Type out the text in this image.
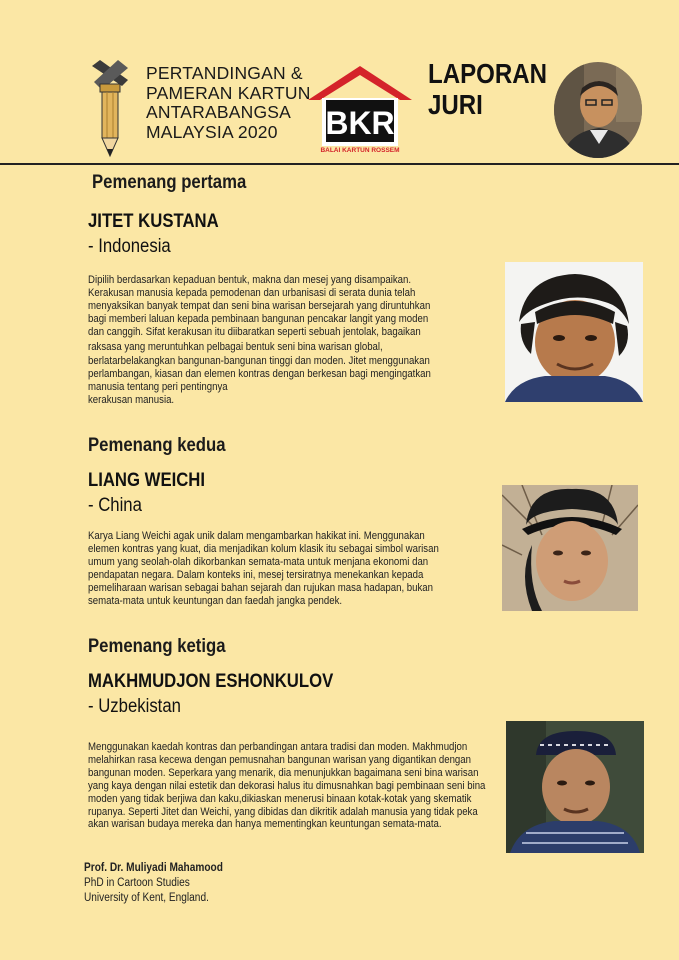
PERTANDINGAN &
PAMERAN KARTUN
ANTARABANGSA
MALAYSIA 2020	BKR
BALAI KARTUN ROSSEM
LAPORAN
JURI
Pemenang pertama
JITET KUSTANA
- Indonesia
Dipilih berdasarkan kepaduan bentuk, makna dan mesej yang disampaikan.
Kerakusan manusia kepada pemodenan dan urbanisasi di serata dunia telah
menyaksikan banyak tempat dan seni bina warisan bersejarah yang diruntuhkan
bagi memberi laluan kepada pembinaan bangunan pencakar langit yang moden
dan canggih. Sifat kerakusan itu diibaratkan seperti sebuah jentolak, bagaikan
raksasa yang meruntuhkan pelbagai bentuk seni bina warisan global,
berlatarbelakangkan bangunan-bangunan tinggi dan moden. Jitet menggunakan
perlambangan, kiasan dan elemen kontras dengan berkesan bagi mengingatkan
manusia tentang peri pentingnya
kerakusan manusia.
Pemenang kedua
LIANG WEICHI
- China
Karya Liang Weichi agak unik dalam mengambarkan hakikat ini. Menggunakan
elemen kontras yang kuat, dia menjadikan kolum klasik itu sebagai simbol warisan
umum yang seolah-olah dikorbankan semata-mata untuk menjana ekonomi dan
pendapatan negara. Dalam konteks ini, mesej tersiratnya menekankan kepada
pemeliharaan warisan sebagai bahan sejarah dan rujukan masa hadapan, bukan
semata-mata untuk keuntungan dan faedah jangka pendek.
Pemenang ketiga
MAKHMUDJON ESHONKULOV
- Uzbekistan
Menggunakan kaedah kontras dan perbandingan antara tradisi dan moden. Makhmudjon
melahirkan rasa kecewa dengan pemusnahan bangunan warisan yang digantikan dengan
bangunan moden. Seperkara yang menarik, dia menunjukkan bagaimana seni bina warisan
yang kaya dengan nilai estetik dan dekorasi halus itu dimusnahkan bagi pembinaan seni bina
moden yang tidak berjiwa dan kaku,dikiaskan menerusi binaan kotak-kotak yang skematik
rupanya. Seperti Jitet dan Weichi, yang dibidas dan dikritik adalah manusia yang tidak peka
akan warisan budaya mereka dan hanya mementingkan keuntungan semata-mata.
Prof. Dr. Muliyadi Mahamood
PhD in Cartoon Studies
University of Kent, England.
